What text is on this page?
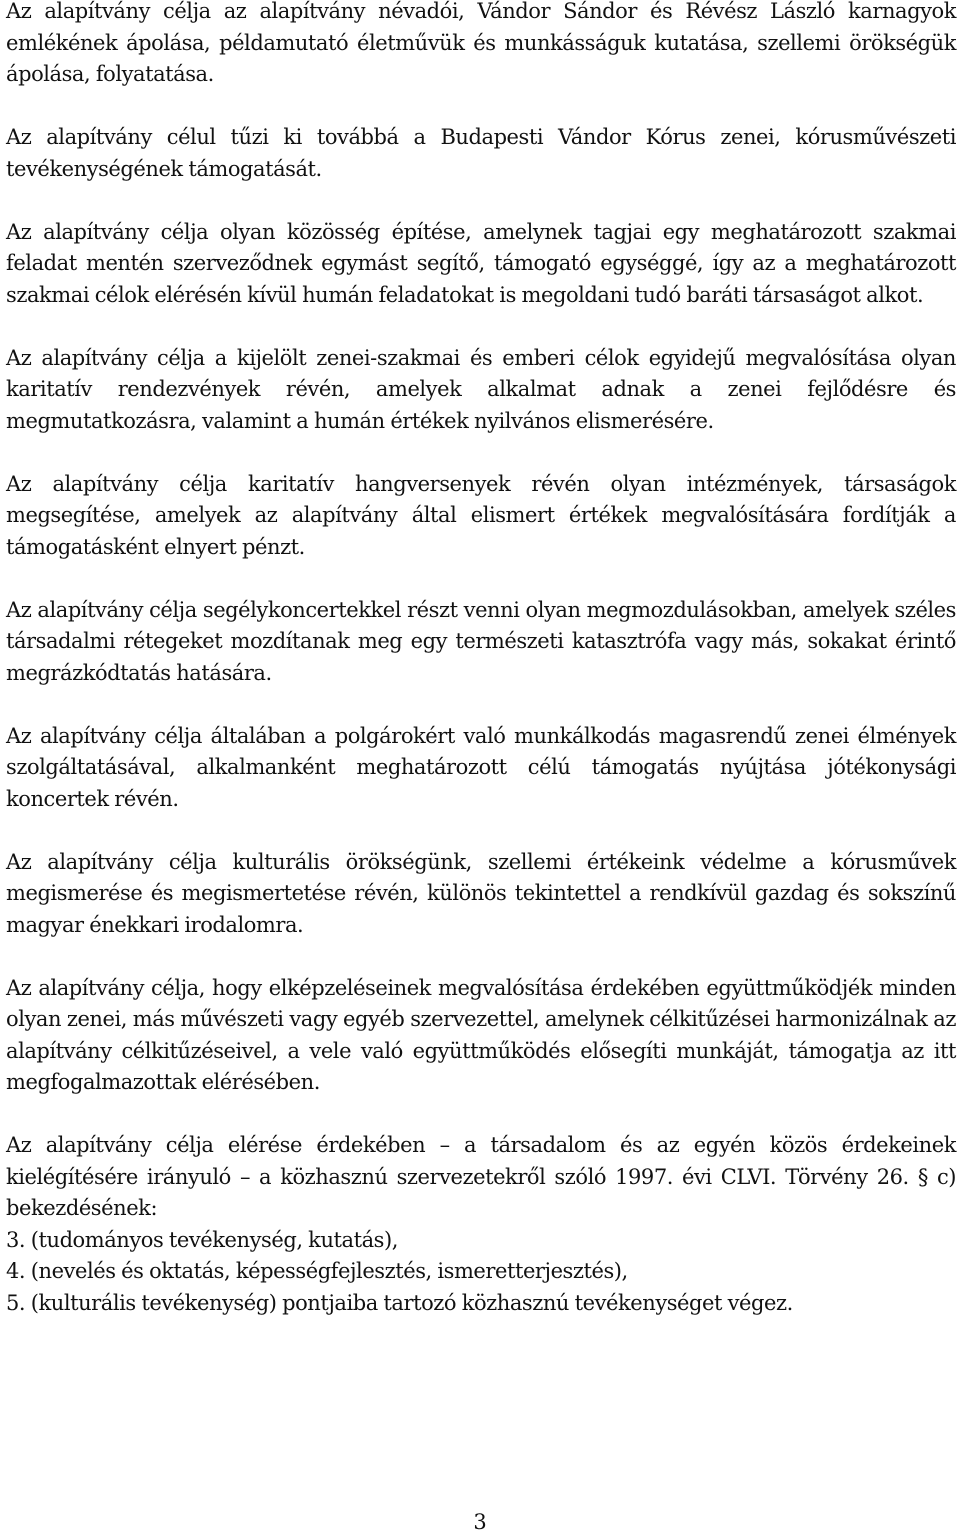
Az alapítvány célja az alapítvány névadói, Vándor Sándor és Révész László karnagyok emlékének ápolása, példamutató életművük és munkásságuk kutatása, szellemi örökségük ápolása, folyatatása.

Az alapítvány célul tűzi ki továbbá a Budapesti Vándor Kórus zenei, kórusművészeti tevékenységének támogatását.

Az alapítvány célja olyan közösség építése, amelynek tagjai egy meghatározott szakmai feladat mentén szerveződnek egymást segítő, támogató egységgé, így az a meghatározott szakmai célok elérésén kívül humán feladatokat is megoldani tudó baráti társaságot alkot.

Az alapítvány célja a kijelölt zenei-szakmai és emberi célok egyidejű megvalósítása olyan karitatív rendezvények révén, amelyek alkalmat adnak a zenei fejlődésre és megmutatkozásra, valamint a humán értékek nyilvános elismerésére.

Az alapítvány célja karitatív hangversenyek révén olyan intézmények, társaságok megsegítése, amelyek az alapítvány által elismert értékek megvalósítására fordítják a támogatásként elnyert pénzt.

Az alapítvány célja segélykoncertekkel részt venni olyan megmozdulásokban, amelyek széles társadalmi rétegeket mozdítanak meg egy természeti katasztrófa vagy más, sokakat érintő megrázkódtatás hatására.

Az alapítvány célja általában a polgárokért való munkálkodás magasrendű zenei élmények szolgáltatásával, alkalmanként meghatározott célú támogatás nyújtása jótékonysági koncertek révén.

Az alapítvány célja kulturális örökségünk, szellemi értékeink védelme a kórusművek megismerése és megismertetése révén, különös tekintettel a rendkívül gazdag és sokszínű magyar énekkari irodalomra.

Az alapítvány célja, hogy elképzeléseinek megvalósítása érdekében együttműködjék minden olyan zenei, más művészeti vagy egyéb szervezettel, amelynek célkitűzései harmonizálnak az alapítvány célkitűzéseivel, a vele való együttműködés elősegíti munkáját, támogatja az itt megfogalmazottak elérésében.

Az alapítvány célja elérése érdekében – a társadalom és az egyén közös érdekeinek kielégítésére irányuló – a közhasznú szervezetekről szóló 1997. évi CLVI. Törvény 26. § c) bekezdésének:

3. (tudományos tevékenység, kutatás),

4. (nevelés és oktatás, képességfejlesztés, ismeretterjesztés),

5. (kulturális tevékenység) pontjaiba tartozó közhasznú tevékenységet végez.

3
